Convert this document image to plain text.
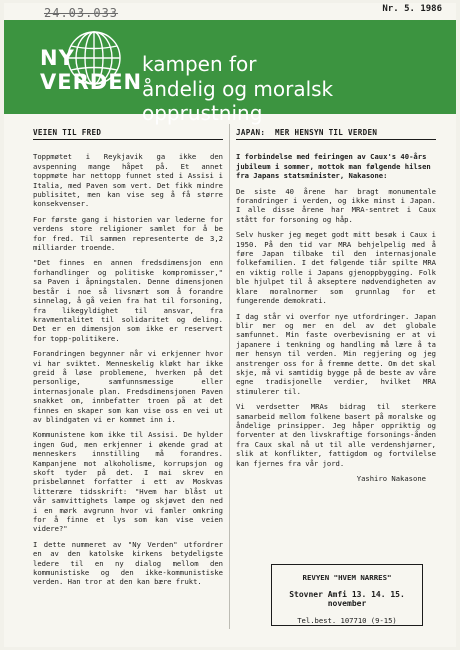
24.03.033	Nr. 5. 1986
NY
VERDEN
kampen for
åndelig og moralsk opprustning
VEIEN TIL FRED

Toppmøtet i Reykjavik ga ikke den avspenning mange håpet på. Et annet toppmøte har nettopp funnet sted i Assisi i Italia, med Paven som vert. Det fikk mindre publisitet, men kan vise seg å få større konsekvenser.

For første gang i historien var lederne for verdens store religioner samlet for å be for fred. Til sammen representerte de 3,2 milliarder troende.

"Det finnes en annen fredsdimensjon enn forhandlinger og politiske kompromisser," sa Paven i åpningstalen. Denne dimensjonen består i noe så livsnært som å forandre sinnelag, å gå veien fra hat til forsoning, fra likegyldighet til ansvar, fra kravmentalitet til solidaritet og deling. Det er en dimensjon som ikke er reservert for topp-politikere.

Forandringen begynner når vi erkjenner hvor vi har sviktet. Menneskelig kløkt har ikke greid å løse problemene, hverken på det personlige, samfunnsmessige eller internasjonale plan. Fredsdimensjonen Paven snakket om, innbefatter troen på at det finnes en skaper som kan vise oss en vei ut av blindgaten vi er kommet inn i.

Kommunistene kom ikke til Assisi. De hylder ingen Gud, men erkjenner i økende grad at menneskers innstilling må forandres. Kampanjene mot alkoholisme, korrupsjon og skoft tyder på det. I mai skrev en prisbelønnet forfatter i ett av Moskvas litterære tidsskrift: "Hvem har blåst ut vår samvittighets lampe og skjøvet den ned i en mørk avgrunn hvor vi famler omkring for å finne et lys som kan vise veien videre?"

I dette nummeret av "Ny Verden" utfordrer en av den katolske kirkens betydeligste ledere til en ny dialog mellom den kommunistiske og den ikke-kommunistiske verden. Han tror at den kan bære frukt.

JAPAN:  MER HENSYN TIL VERDEN

I forbindelse med feiringen av Caux's 40-års jubileum i sommer, mottok man følgende hilsen fra Japans statsminister, Nakasone:

De siste 40 årene har bragt monumentale forandringer i verden, og ikke minst i Japan. I alle disse årene har MRA-sentret i Caux stått for forsoning og håp.

Selv husker jeg meget godt mitt besøk i Caux i 1950. På den tid var MRA behjelpelig med å føre Japan tilbake til den internasjonale folkefamilien. I det følgende tiår spilte MRA en viktig rolle i Japans gjenoppbygging. Folk ble hjulpet til å akseptere nødvendigheten av klare moralnormer som grunnlag for et fungerende demokrati.

I dag står vi overfor nye utfordringer. Japan blir mer og mer en del av det globale samfunnet. Min faste overbevisning er at vi japanere i tenkning og handling må lære å ta mer hensyn til verden. Min regjering og jeg anstrenger oss for å fremme dette. Om det skal skje, må vi samtidig bygge på de beste av våre egne tradisjonelle verdier, hvilket MRA stimulerer til.

Vi verdsetter MRAs bidrag til sterkere samarbeid mellom folkene basert på moralske og åndelige prinsipper. Jeg håper oppriktig og forventer at den livskraftige forsonings-ånden fra Caux skal nå ut til alle verdenshjørner, slik at konflikter, fattigdom og fortvilelse kan fjernes fra vår jord.

Yashiro Nakasone
REVYEN "HVEM NARRES"
Stovner Amfi 13. 14. 15. november
Tel.best. 107710 (9-15)
